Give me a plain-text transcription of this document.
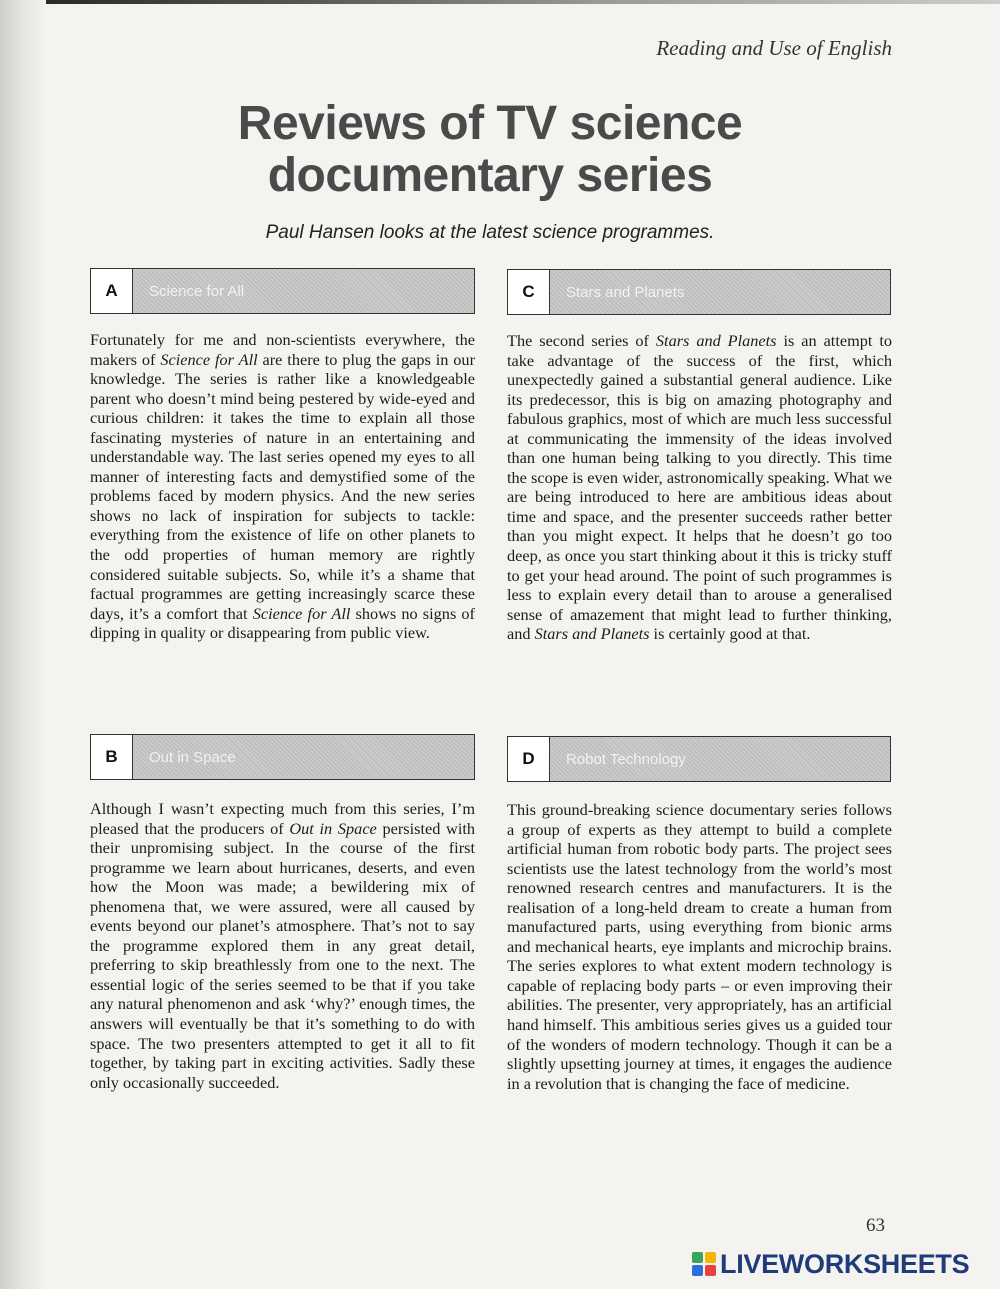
Reading and Use of English
Reviews of TV science
documentary series
Paul Hansen looks at the latest science programmes.
A	Science for All

Fortunately for me and non-scientists everywhere, the makers of Science for All are there to plug the gaps in our knowledge. The series is rather like a knowledgeable parent who doesn’t mind being pestered by wide-eyed and curious children: it takes the time to explain all those fascinating mysteries of nature in an entertaining and understandable way. The last series opened my eyes to all manner of interesting facts and demystified some of the problems faced by modern physics. And the new series shows no lack of inspiration for subjects to tackle: everything from the existence of life on other planets to the odd properties of human memory are rightly considered suitable subjects. So, while it’s a shame that factual programmes are getting increasingly scarce these days, it’s a comfort that Science for All shows no signs of dipping in quality or disappearing from public view.

B	Out in Space

Although I wasn’t expecting much from this series, I’m pleased that the producers of Out in Space persisted with their unpromising subject. In the course of the first programme we learn about hurricanes, deserts, and even how the Moon was made; a bewildering mix of phenomena that, we were assured, were all caused by events beyond our planet’s atmosphere. That’s not to say the programme explored them in any great detail, preferring to skip breathlessly from one to the next. The essential logic of the series seemed to be that if you take any natural phenomenon and ask ‘why?’ enough times, the answers will eventually be that it’s something to do with space. The two presenters attempted to get it all to fit together, by taking part in exciting activities. Sadly these only occasionally succeeded.

C	Stars and Planets

The second series of Stars and Planets is an attempt to take advantage of the success of the first, which unexpectedly gained a substantial general audience. Like its predecessor, this is big on amazing photography and fabulous graphics, most of which are much less successful at communicating the immensity of the ideas involved than one human being talking to you directly. This time the scope is even wider, astronomically speaking. What we are being introduced to here are ambitious ideas about time and space, and the presenter succeeds rather better than you might expect. It helps that he doesn’t go too deep, as once you start thinking about it this is tricky stuff to get your head around. The point of such programmes is less to explain every detail than to arouse a generalised sense of amazement that might lead to further thinking, and Stars and Planets is certainly good at that.

D	Robot Technology

This ground-breaking science documentary series follows a group of experts as they attempt to build a complete artificial human from robotic body parts. The project sees scientists use the latest technology from the world’s most renowned research centres and manufacturers. It is the realisation of a long-held dream to create a human from manufactured parts, using everything from bionic arms and mechanical hearts, eye implants and microchip brains. The series explores to what extent modern technology is capable of replacing body parts – or even improving their abilities. The presenter, very appropriately, has an artificial hand himself. This ambitious series gives us a guided tour of the wonders of modern technology. Though it can be a slightly upsetting journey at times, it engages the audience in a revolution that is changing the face of medicine.

63
LIVEWORKSHEETS
